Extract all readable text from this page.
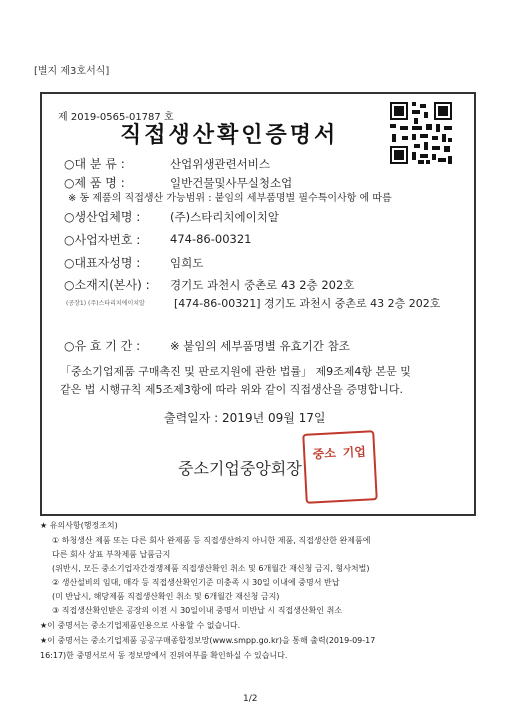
[별지 제3호서식]
제 2019-0565-01787 호
직접생산확인증명서
○대 분 류 :	산업위생관련서비스
○제 품 명 :	일반건물및사무실청소업
※ 동 제품의 직접생산 가능범위 : 붙임의 세부품명별 필수특이사항 에 따름
○생산업체명 :	(주)스타리치에이치알
○사업자번호 :	474-86-00321
○대표자성명 :	임희도
○소재지(본사) : 경기도 과천시 중촌로 43 2층 202호
(공장1) (주)스타리치에이치알	[474-86-00321] 경기도 과천시 중촌로 43 2층 202호
○유 효 기 간 :	※ 붙임의 세부품명별 유효기간 참조
「중소기업제품 구매촉진 및 판로지원에 관한 법률」 제9조제4항 본문 및
같은 법 시행규칙 제5조제3항에 따라 위와 같이 직접생산을 증명합니다.
출력일자 : 2019년 09월 17일
중소기업중앙회장
중소 기업
★ 유의사항(행정조치)
① 하청생산 제품 또는 다른 회사 완제품 등 직접생산하지 아니한 제품, 직접생산한 완제품에
다른 회사 상표 부착제품 납품금지
(위반시, 모든 중소기업자간경쟁제품 직접생산확인 취소 및 6개월간 재신청 금지, 형사처벌)
② 생산설비의 임대, 매각 등 직접생산확인기준 미충족 시 30일 이내에 중명서 반납
(미 반납시, 해당제품 직접생산확인 취소 및 6개월간 재신청 금지)
③ 직접생산확인받은 공장의 이전 시 30일이내 중명서 미반납 시 직접생산확인 취소
★이 중명서는 중소기업제품인용으로 사용할 수 없습니다.
★이 중명서는 중소기업제품 공공구매종합정보망(www.smpp.go.kr)을 통해 출력(2019-09-17
16:17)한 중명서로서 동 정보망에서 진위여부를 확인하실 수 있습니다.
1/2
